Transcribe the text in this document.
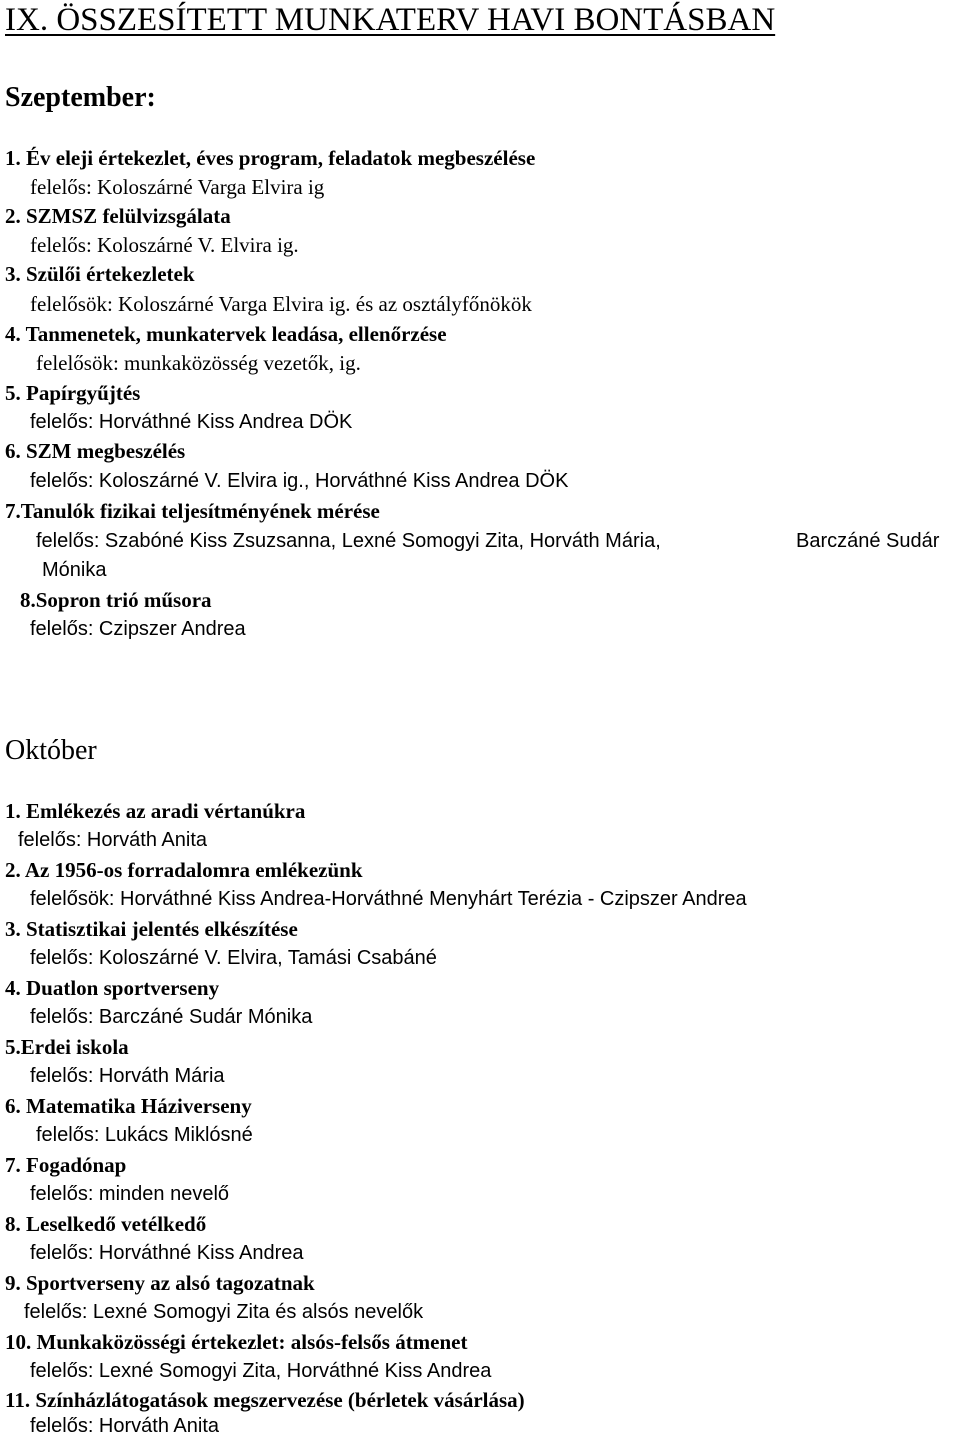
IX. ÖSSZESÍTETT MUNKATERV HAVI BONTÁSBAN
Szeptember:
1. Év eleji értekezlet, éves program, feladatok megbeszélése
felelős: Koloszárné Varga Elvira ig
2. SZMSZ felülvizsgálata
felelős: Koloszárné V. Elvira ig.
3. Szülői értekezletek
felelősök: Koloszárné Varga Elvira ig. és az osztályfőnökök
4. Tanmenetek, munkatervek leadása, ellenőrzése
felelősök: munkaközösség vezetők, ig.
5. Papírgyűjtés
felelős: Horváthné Kiss Andrea DÖK
6. SZM megbeszélés
felelős: Koloszárné V. Elvira ig., Horváthné Kiss Andrea DÖK
7.Tanulók fizikai teljesítményének mérése
felelős: Szabóné Kiss Zsuzsanna, Lexné Somogyi Zita, Horváth Mária,	Barczáné Sudár
Mónika
8.Sopron trió műsora
felelős: Czipszer Andrea
Október
1. Emlékezés az aradi vértanúkra
felelős: Horváth Anita
2. Az 1956-os forradalomra emlékezünk
felelősök: Horváthné Kiss Andrea-Horváthné Menyhárt Terézia - Czipszer Andrea
3. Statisztikai jelentés elkészítése
felelős: Koloszárné V. Elvira, Tamási Csabáné
4. Duatlon sportverseny
felelős: Barczáné Sudár Mónika
5.Erdei iskola
felelős: Horváth Mária
6. Matematika Háziverseny
felelős: Lukács Miklósné
7. Fogadónap
felelős: minden nevelő
8. Leselkedő vetélkedő
felelős: Horváthné Kiss Andrea
9. Sportverseny az alsó tagozatnak
felelős: Lexné Somogyi Zita és alsós nevelők
10. Munkaközösségi értekezlet: alsós-felsős átmenet
felelős: Lexné Somogyi Zita, Horváthné Kiss Andrea
11. Színházlátogatások megszervezése (bérletek vásárlása)
felelős: Horváth Anita
